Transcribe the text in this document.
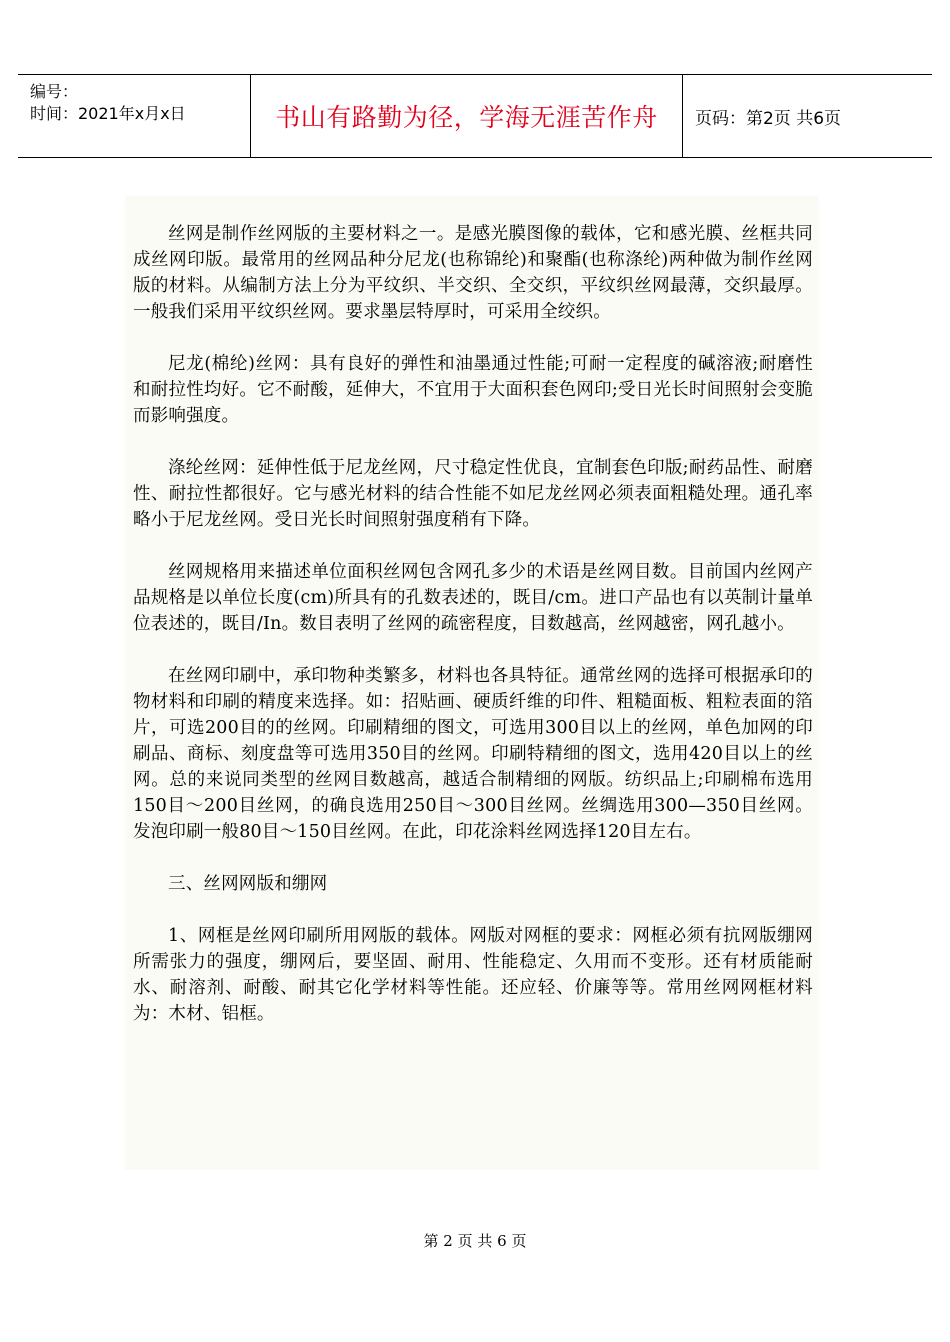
编号：
时间：2021年x月x日	书山有路勤为径，学海无涯苦作舟 页码：第2页 共6页

丝网是制作丝网版的主要材料之一。是感光膜图像的载体，它和感光膜、丝框共同成丝网印版。最常用的丝网品种分尼龙(也称锦纶)和聚酯(也称涤纶)两种做为制作丝网版的材料。从编制方法上分为平纹织、半交织、全交织，平纹织丝网最薄，交织最厚。一般我们采用平纹织丝网。要求墨层特厚时，可采用全绞织。

尼龙(棉纶)丝网：具有良好的弹性和油墨通过性能;可耐一定程度的碱溶液;耐磨性和耐拉性均好。它不耐酸，延伸大，不宜用于大面积套色网印;受日光长时间照射会变脆而影响强度。

涤纶丝网：延伸性低于尼龙丝网，尺寸稳定性优良，宜制套色印版;耐药品性、耐磨性、耐拉性都很好。它与感光材料的结合性能不如尼龙丝网必须表面粗糙处理。通孔率略小于尼龙丝网。受日光长时间照射强度稍有下降。

丝网规格用来描述单位面积丝网包含网孔多少的术语是丝网目数。目前国内丝网产品规格是以单位长度(cm)所具有的孔数表述的，既目/cm。进口产品也有以英制计量单位表述的，既目/In。数目表明了丝网的疏密程度，目数越高，丝网越密，网孔越小。

在丝网印刷中，承印物种类繁多，材料也各具特征。通常丝网的选择可根据承印的物材料和印刷的精度来选择。如：招贴画、硬质纤维的印件、粗糙面板、粗粒表面的箔片，可选200目的的丝网。印刷精细的图文，可选用300目以上的丝网，单色加网的印刷品、商标、刻度盘等可选用350目的丝网。印刷特精细的图文，选用420目以上的丝网。总的来说同类型的丝网目数越高，越适合制精细的网版。纺织品上;印刷棉布选用150目～200目丝网，的确良选用250目～300目丝网。丝绸选用300—350目丝网。发泡印刷一般80目～150目丝网。在此，印花涂料丝网选择120目左右。

三、丝网网版和绷网

1、网框是丝网印刷所用网版的载体。网版对网框的要求：网框必须有抗网版绷网所需张力的强度，绷网后，要坚固、耐用、性能稳定、久用而不变形。还有材质能耐水、耐溶剂、耐酸、耐其它化学材料等性能。还应轻、价廉等等。常用丝网网框材料为：木材、铝框。

第 2 页 共 6 页
